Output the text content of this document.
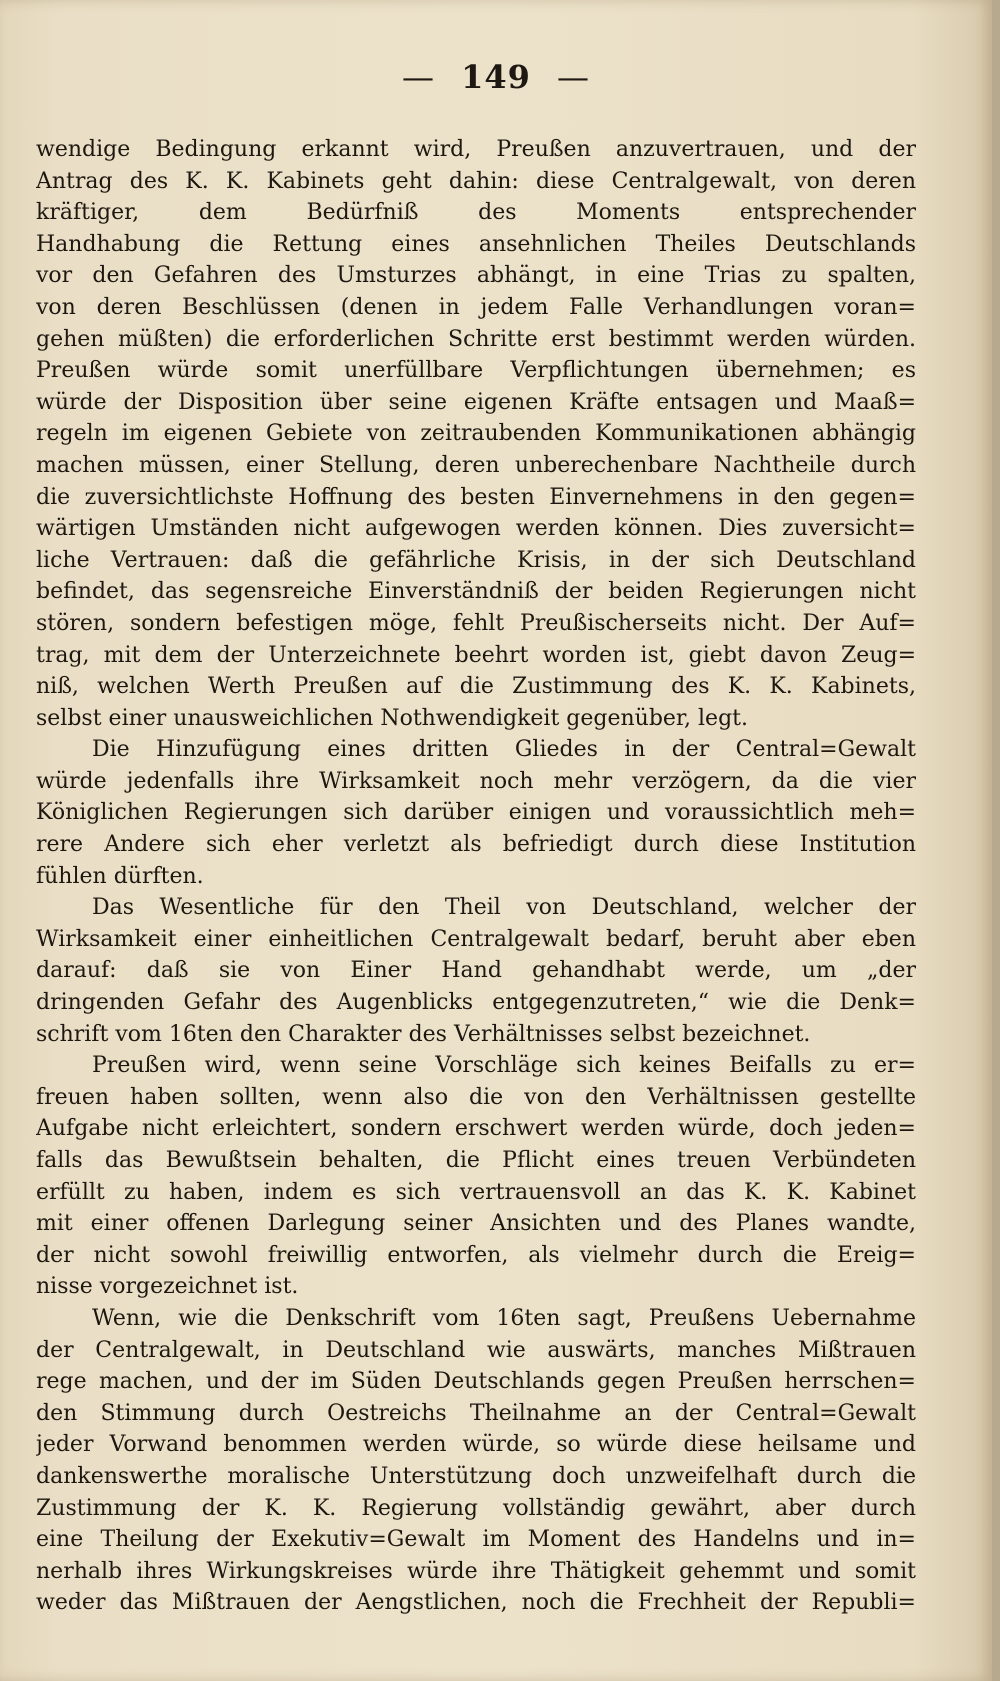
— 149 —

wendige Bedingung erkannt wird, Preußen anzuvertrauen, und der

Antrag des K. K. Kabinets geht dahin: diese Centralgewalt, von deren

kräftiger, dem Bedürfniß des Moments entsprechender

Handhabung die Rettung eines ansehnlichen Theiles Deutschlands

vor den Gefahren des Umsturzes abhängt, in eine Trias zu spalten,

von deren Beschlüssen (denen in jedem Falle Verhandlungen voran=

gehen müßten) die erforderlichen Schritte erst bestimmt werden würden.

Preußen würde somit unerfüllbare Verpflichtungen übernehmen; es

würde der Disposition über seine eigenen Kräfte entsagen und Maaß=

regeln im eigenen Gebiete von zeitraubenden Kommunikationen abhängig

machen müssen, einer Stellung, deren unberechenbare Nachtheile durch

die zuversichtlichste Hoffnung des besten Einvernehmens in den gegen=

wärtigen Umständen nicht aufgewogen werden können. Dies zuversicht=

liche Vertrauen: daß die gefährliche Krisis, in der sich Deutschland

befindet, das segensreiche Einverständniß der beiden Regierungen nicht

stören, sondern befestigen möge, fehlt Preußischerseits nicht. Der Auf=

trag, mit dem der Unterzeichnete beehrt worden ist, giebt davon Zeug=

niß, welchen Werth Preußen auf die Zustimmung des K. K. Kabinets,

selbst einer unausweichlichen Nothwendigkeit gegenüber, legt.

Die Hinzufügung eines dritten Gliedes in der Central=Gewalt

würde jedenfalls ihre Wirksamkeit noch mehr verzögern, da die vier

Königlichen Regierungen sich darüber einigen und voraussichtlich meh=

rere Andere sich eher verletzt als befriedigt durch diese Institution

fühlen dürften.

Das Wesentliche für den Theil von Deutschland, welcher der

Wirksamkeit einer einheitlichen Centralgewalt bedarf, beruht aber eben

darauf: daß sie von Einer Hand gehandhabt werde, um „der

dringenden Gefahr des Augenblicks entgegenzutreten,“ wie die Denk=

schrift vom 16ten den Charakter des Verhältnisses selbst bezeichnet.

Preußen wird, wenn seine Vorschläge sich keines Beifalls zu er=

freuen haben sollten, wenn also die von den Verhältnissen gestellte

Aufgabe nicht erleichtert, sondern erschwert werden würde, doch jeden=

falls das Bewußtsein behalten, die Pflicht eines treuen Verbündeten

erfüllt zu haben, indem es sich vertrauensvoll an das K. K. Kabinet

mit einer offenen Darlegung seiner Ansichten und des Planes wandte,

der nicht sowohl freiwillig entworfen, als vielmehr durch die Ereig=

nisse vorgezeichnet ist.

Wenn, wie die Denkschrift vom 16ten sagt, Preußens Uebernahme

der Centralgewalt, in Deutschland wie auswärts, manches Mißtrauen

rege machen, und der im Süden Deutschlands gegen Preußen herrschen=

den Stimmung durch Oestreichs Theilnahme an der Central=Gewalt

jeder Vorwand benommen werden würde, so würde diese heilsame und

dankenswerthe moralische Unterstützung doch unzweifelhaft durch die

Zustimmung der K. K. Regierung vollständig gewährt, aber durch

eine Theilung der Exekutiv=Gewalt im Moment des Handelns und in=

nerhalb ihres Wirkungskreises würde ihre Thätigkeit gehemmt und somit

weder das Mißtrauen der Aengstlichen, noch die Frechheit der Republi=
